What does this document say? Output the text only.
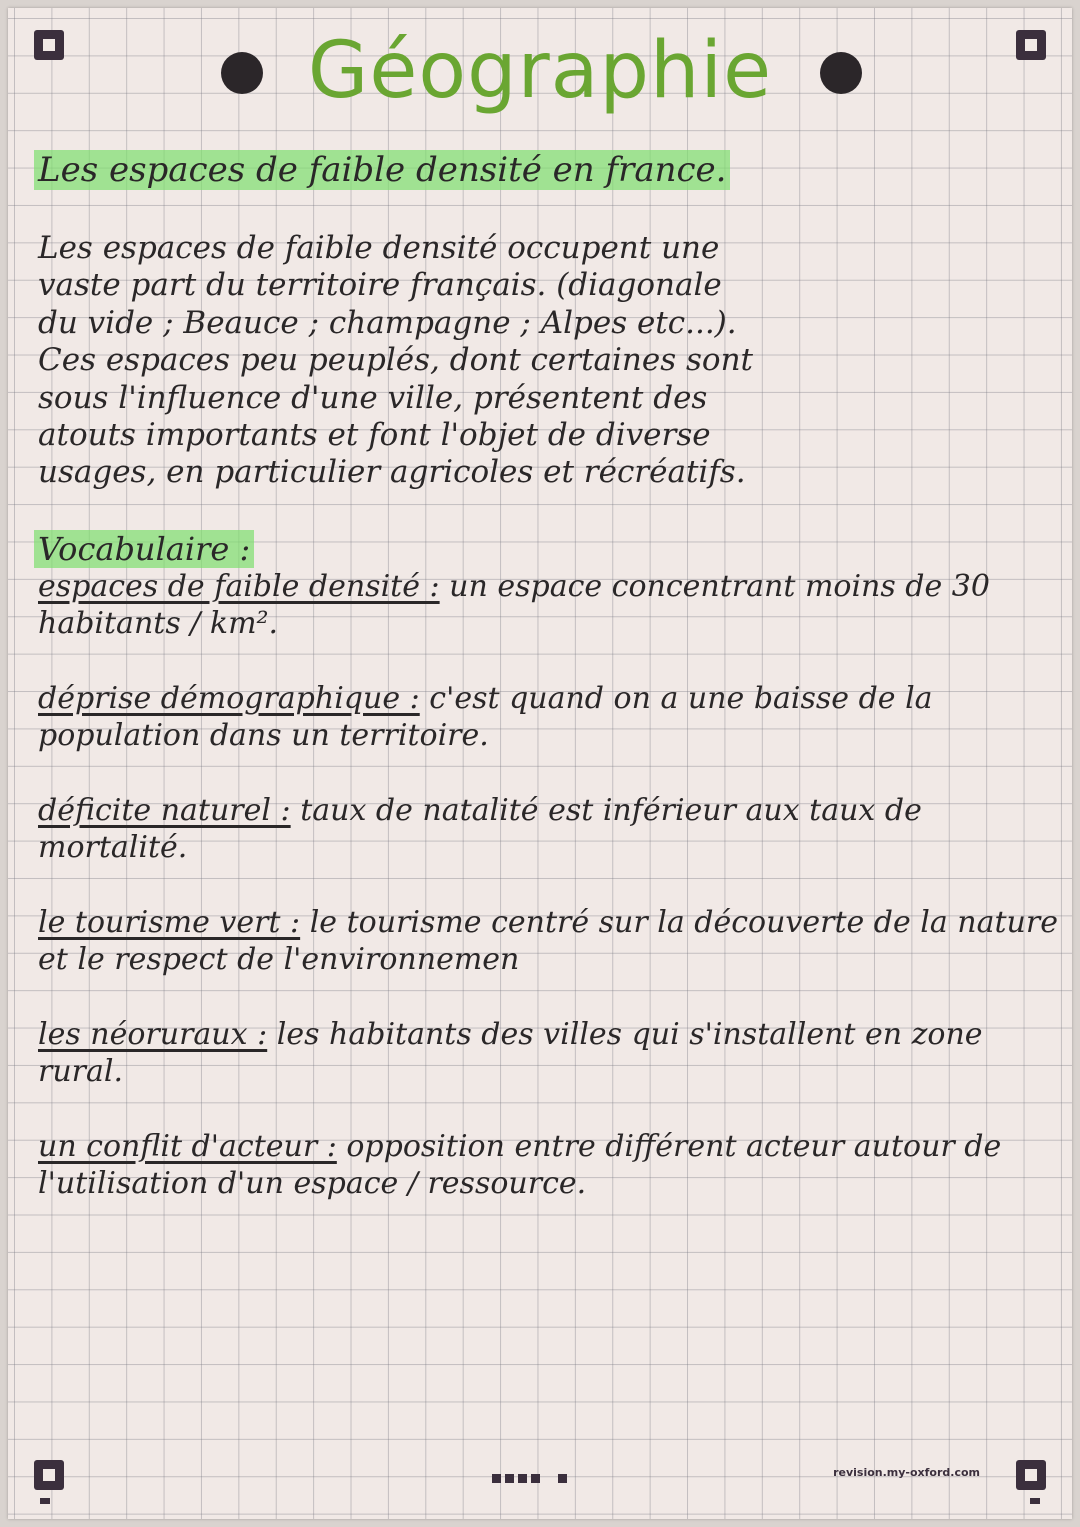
Géographie
Les espaces de faible densité en france.
Les espaces de faible densité occupent une
vaste part du territoire français. (diagonale
du vide ; Beauce ; champagne ; Alpes etc...).
Ces espaces peu peuplés, dont certaines sont
sous l'influence d'une ville, présentent des
atouts importants et font l'objet de diverse
usages, en particulier agricoles et récréatifs.
Vocabulaire :
espaces de faible densité : un espace concentrant moins de 30 habitants / km².
déprise démographique : c'est quand on a une baisse de la population dans un territoire.
déficite naturel : taux de natalité est inférieur aux taux de mortalité.
le tourisme vert : le tourisme centré sur la découverte de la nature et le respect de l'environnemen
les néoruraux : les habitants des villes qui s'installent en zone rural.
un conflit d'acteur : opposition entre différent acteur autour de l'utilisation d'un espace / ressource.
revision.my-oxford.com
